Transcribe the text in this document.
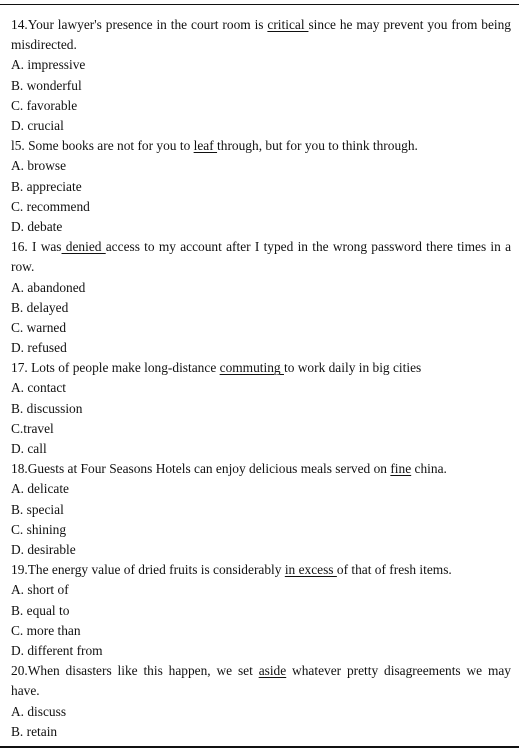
14.Your lawyer's presence in the court room is critical since he may prevent you from being misdirected.
A. impressive
B. wonderful
C. favorable
D. crucial
l5. Some books are not for you to leaf through, but for you to think through.
A. browse
B. appreciate
C. recommend
D. debate
16. I was denied access to my account after I typed in the wrong password there times in a row.
A. abandoned
B. delayed
C. warned
D. refused
17. Lots of people make long-distance commuting to work daily in big cities
A. contact
B. discussion
C.travel
D. call
18.Guests at Four Seasons Hotels can enjoy delicious meals served on fine china.
A. delicate
B. special
C. shining
D. desirable
19.The energy value of dried fruits is considerably in excess of that of fresh items.
A. short of
B. equal to
C. more than
D. different from
20.When disasters like this happen, we set aside whatever pretty disagreements we may have.
A. discuss
B. retain
